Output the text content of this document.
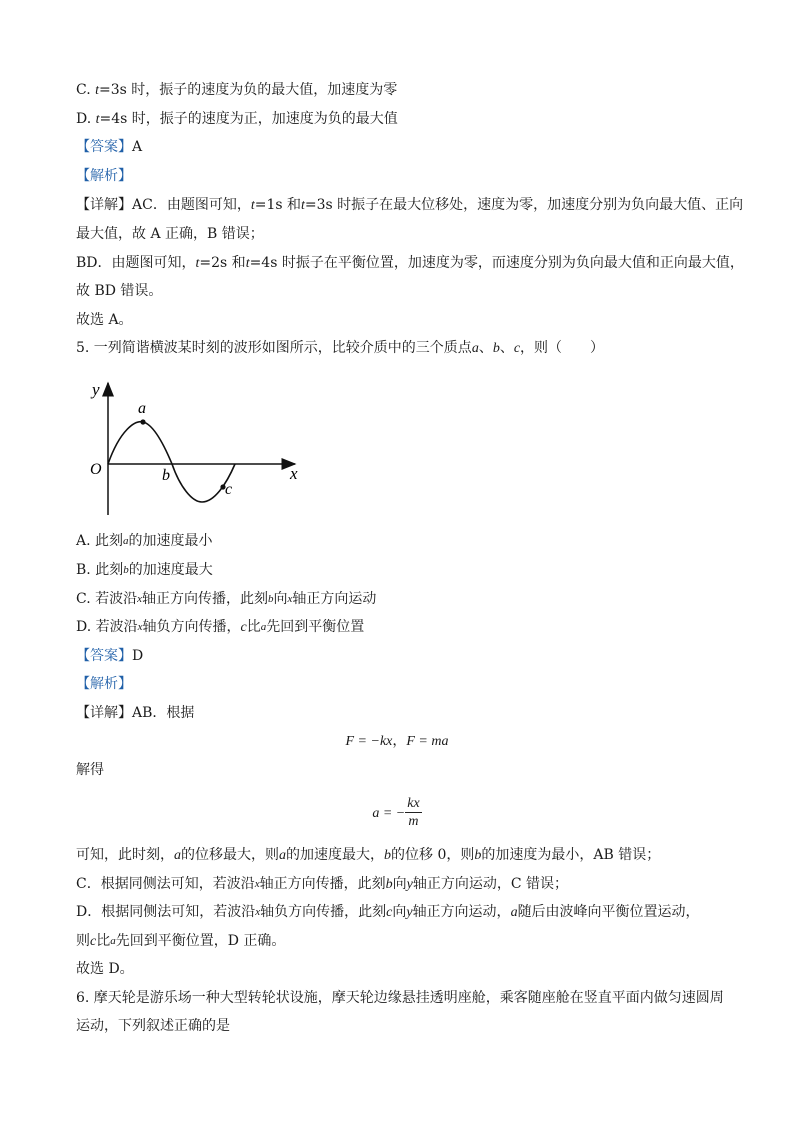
C. t=3s 时，振子的速度为负的最大值，加速度为零
D. t=4s 时，振子的速度为正，加速度为负的最大值
【答案】A
【解析】
【详解】AC．由题图可知，t=1s 和t=3s 时振子在最大位移处，速度为零，加速度分别为负向最大值、正向
最大值，故 A 正确，B 错误；
BD．由题图可知，t=2s 和t=4s 时振子在平衡位置，加速度为零，而速度分别为负向最大值和正向最大值，
故 BD 错误。
故选 A。
5. 一列简谐横波某时刻的波形如图所示，比较介质中的三个质点a、b、c，则（　　）
y
x
O
a
b
c
A. 此刻a的加速度最小
B. 此刻b的加速度最大
C. 若波沿x轴正方向传播，此刻b向x轴正方向运动
D. 若波沿x轴负方向传播，c比a先回到平衡位置
【答案】D
【解析】
【详解】AB．根据
F = −kx，F = ma
解得
a = − $\frac{kx}{m}$
可知，此时刻，a的位移最大，则a的加速度最大，b的位移 0，则b的加速度为最小，AB 错误；
C．根据同侧法可知，若波沿x轴正方向传播，此刻b向y轴正方向运动，C 错误；
D．根据同侧法可知，若波沿x轴负方向传播，此刻c向y轴正方向运动，a随后由波峰向平衡位置运动，
则c比a先回到平衡位置，D 正确。
故选 D。
6. 摩天轮是游乐场一种大型转轮状设施，摩天轮边缘悬挂透明座舱，乘客随座舱在竖直平面内做匀速圆周
运动，下列叙述正确的是
